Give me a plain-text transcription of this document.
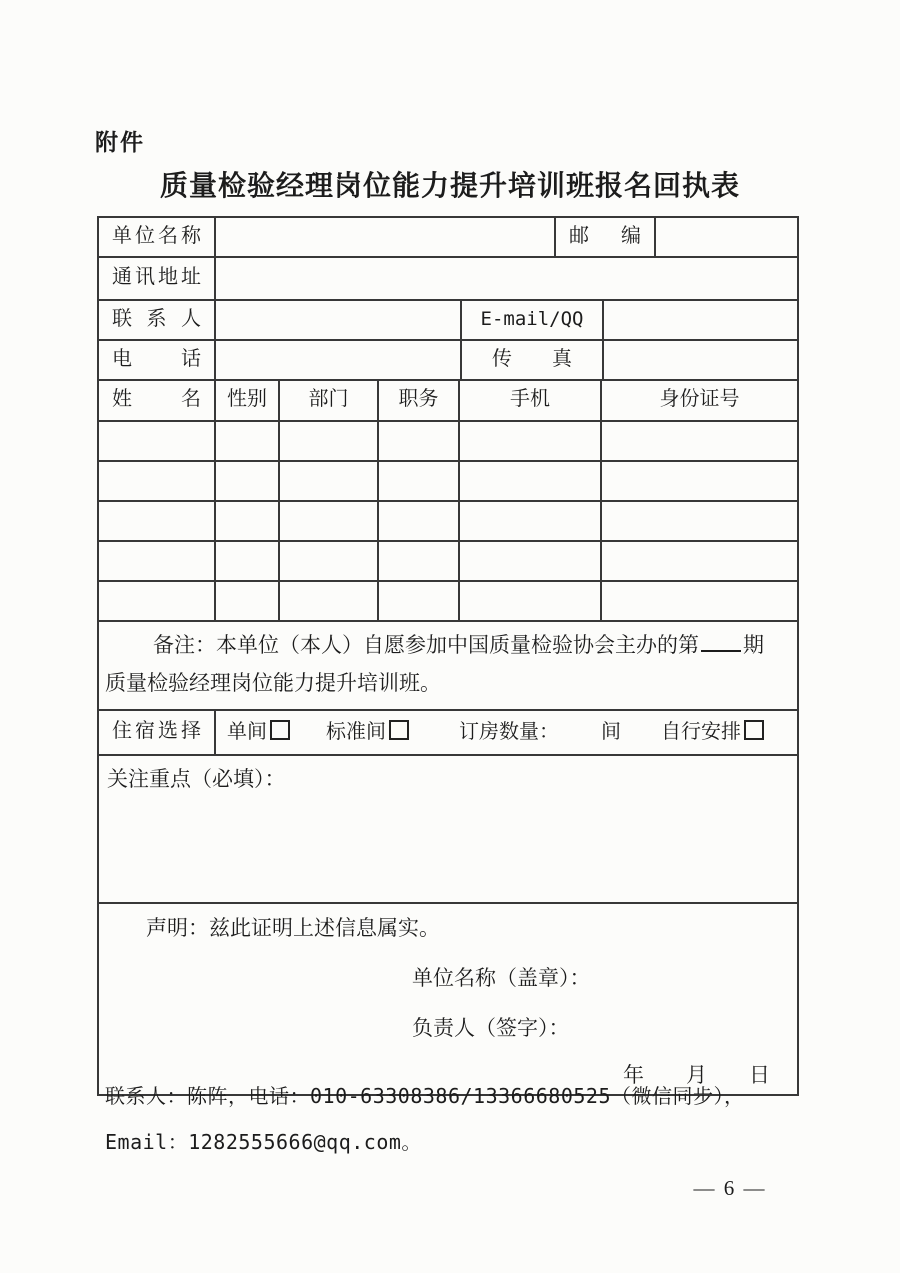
附件
质量检验经理岗位能力提升培训班报名回执表
单位名称	邮编
通讯地址
联系人	E-mail/QQ
电话	传真
姓名	性别	部门	职务	手机	身份证号

备注：本单位（本人）自愿参加中国质量检验协会主办的第 期

质量检验经理岗位能力提升培训班。

住宿选择	单间	标准间	订房数量： 间 自行安排
关注重点（必填）：

声明：兹此证明上述信息属实。

单位名称（盖章）：

负责人（签字）：

年　　月　　日

联系人：陈阵，电话：010-63308386/13366680525（微信同步），
Email：1282555666@qq.com。
— 6 —
